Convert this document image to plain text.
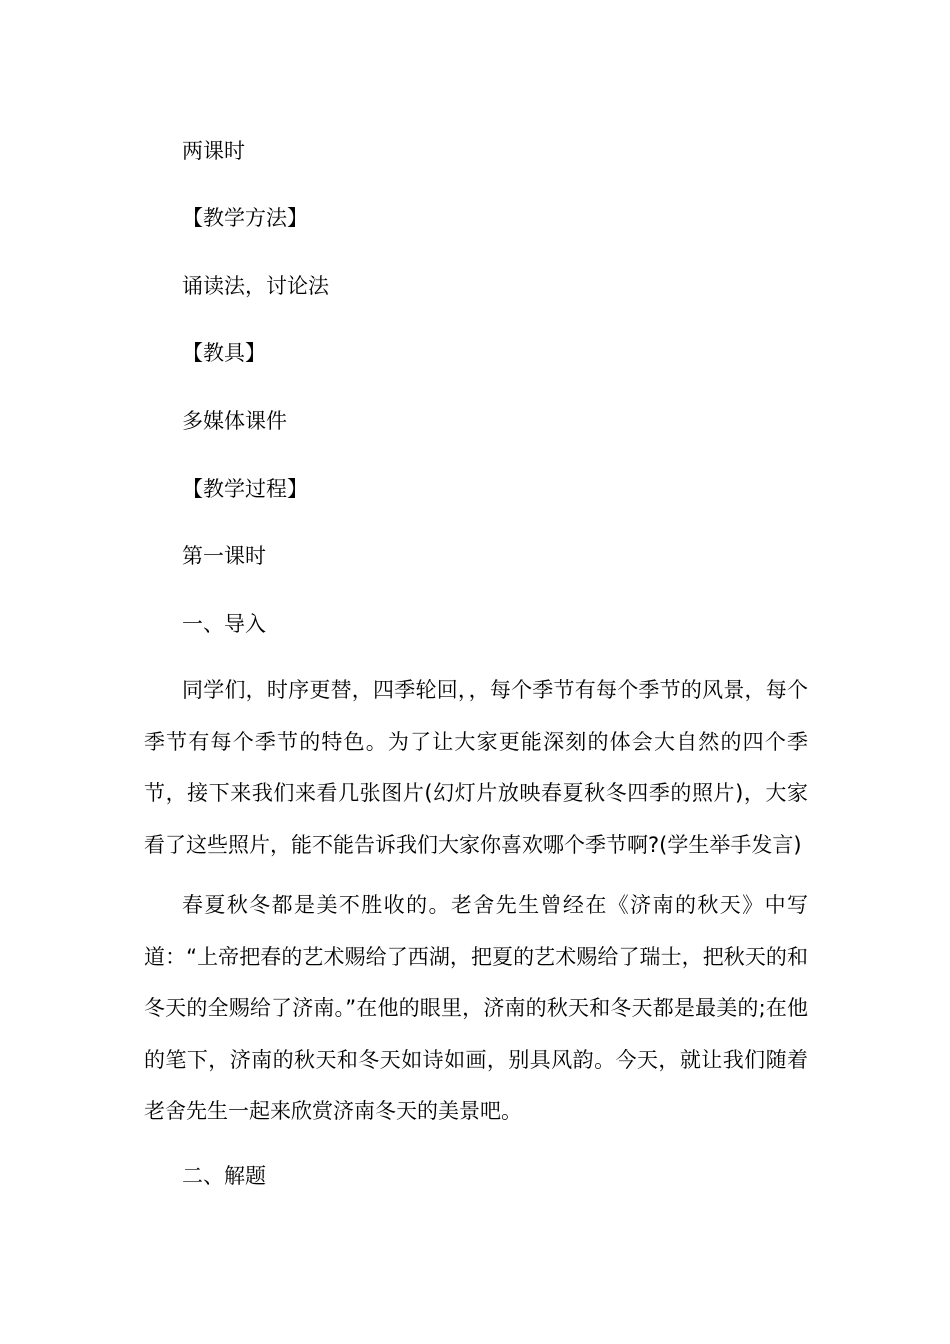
两课时
【教学方法】
诵读法，讨论法
【教具】
多媒体课件
【教学过程】
第一课时
一、导入

同学们，时序更替，四季轮回，，每个季节有每个季节的风景，每个季节有每个季节的特色。为了让大家更能深刻的体会大自然的四个季节，接下来我们来看几张图片(幻灯片放映春夏秋冬四季的照片)，大家看了这些照片，能不能告诉我们大家你喜欢哪个季节啊?(学生举手发言)

春夏秋冬都是美不胜收的。老舍先生曾经在《济南的秋天》中写道：“上帝把春的艺术赐给了西湖，把夏的艺术赐给了瑞士，把秋天的和冬天的全赐给了济南。”在他的眼里，济南的秋天和冬天都是最美的;在他的笔下，济南的秋天和冬天如诗如画，别具风韵。今天，就让我们随着老舍先生一起来欣赏济南冬天的美景吧。

二、解题
